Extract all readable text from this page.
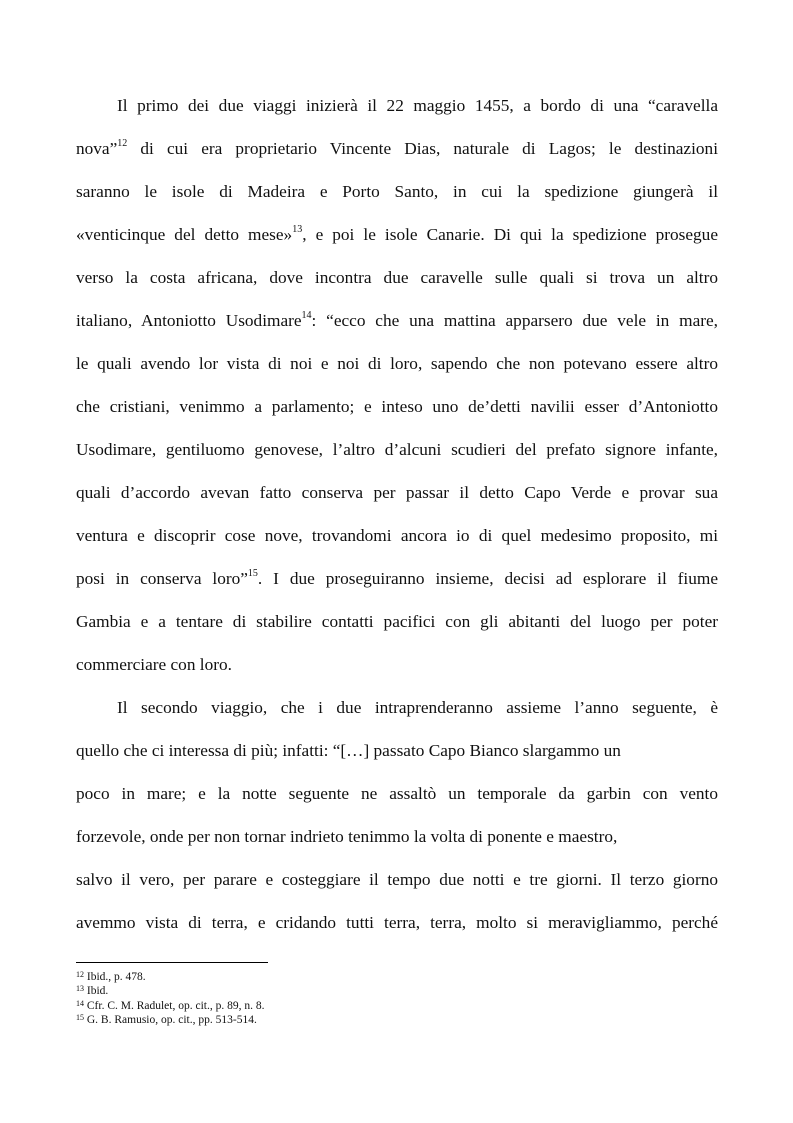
Il primo dei due viaggi inizierà il 22 maggio 1455, a bordo di una “caravella
nova”$^{12}$ di cui era proprietario Vincente Dias, naturale di Lagos; le destinazioni
saranno le isole di Madeira e Porto Santo, in cui la spedizione giungerà il
«venticinque del detto mese»$^{13}$, e poi le isole Canarie. Di qui la spedizione prosegue
verso la costa africana, dove incontra due caravelle sulle quali si trova un altro
italiano, Antoniotto Usodimare$^{14}$: “ecco che una mattina apparsero due vele in mare,
le quali avendo lor vista di noi e noi di loro, sapendo che non potevano essere altro
che cristiani, venimmo a parlamento; e inteso uno de’detti navilii esser d’Antoniotto
Usodimare, gentiluomo genovese, l’altro d’alcuni scudieri del prefato signore infante,
quali d’accordo avevan fatto conserva per passar il detto Capo Verde e provar sua
ventura e discoprir cose nove, trovandomi ancora io di quel medesimo proposito, mi
posi in conserva loro”$^{15}$. I due proseguiranno insieme, decisi ad esplorare il fiume
Gambia e a tentare di stabilire contatti pacifici con gli abitanti del luogo per poter
commerciare con loro.
Il secondo viaggio, che i due intraprenderanno assieme l’anno seguente, è
quello che ci interessa di più; infatti: “[…] passato Capo Bianco slargammo un
poco in mare; e la notte seguente ne assaltò un temporale da garbin con vento
forzevole, onde per non tornar indrieto tenimmo la volta di ponente e maestro,
salvo il vero, per parare e costeggiare il tempo due notti e tre giorni. Il terzo giorno
avemmo vista di terra, e cridando tutti terra, terra, molto si meravigliammo, perché
$^{12}$ Ibid., p. 478.
$^{13}$ Ibid.
$^{14}$ Cfr. C. M. Radulet, op. cit., p. 89, n. 8.
$^{15}$ G. B. Ramusio, op. cit., pp. 513-514.
